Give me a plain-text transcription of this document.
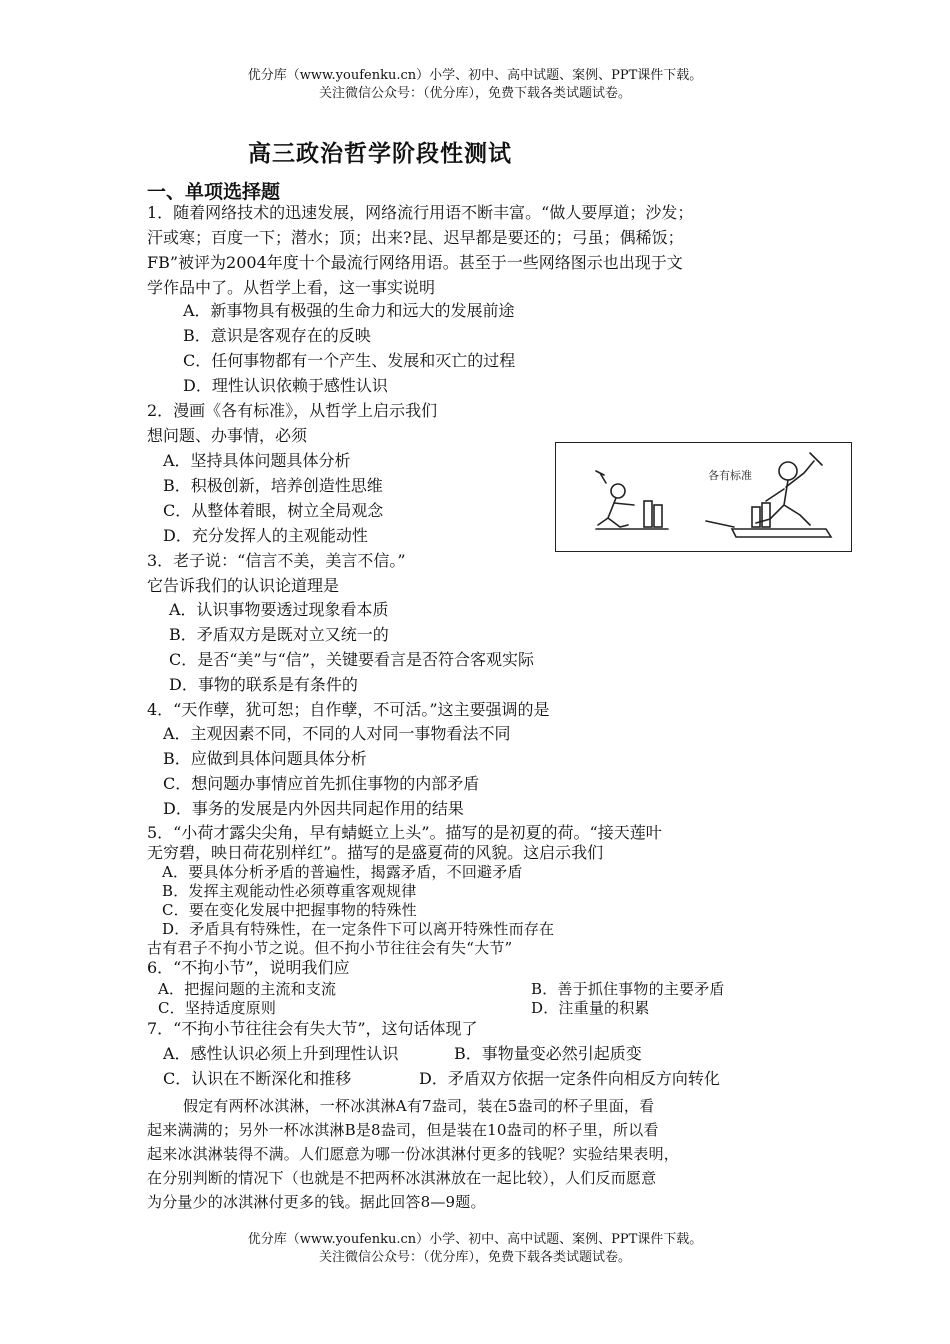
优分库（www.youfenku.cn）小学、初中、高中试题、案例、PPT课件下载。
关注微信公众号：（优分库），免费下载各类试题试卷。
高三政治哲学阶段性测试
一、单项选择题
1．随着网络技术的迅速发展，网络流行用语不断丰富。“做人要厚道；沙发；
汗或寒；百度一下；潜水；顶；出来?昆、迟早都是要还的；弓虽；偶稀饭；
FB”被评为2004年度十个最流行网络用语。甚至于一些网络图示也出现于文
学作品中了。从哲学上看，这一事实说明
A．新事物具有极强的生命力和远大的发展前途
B．意识是客观存在的反映
C．任何事物都有一个产生、发展和灭亡的过程
D．理性认识依赖于感性认识
2．漫画《各有标准》，从哲学上启示我们
想问题、办事情，必须
A．坚持具体问题具体分析
B．积极创新，培养创造性思维
C．从整体着眼，树立全局观念
D．充分发挥人的主观能动性
各有标准
3．老子说：“信言不美，美言不信。”
它告诉我们的认识论道理是
A．认识事物要透过现象看本质
B．矛盾双方是既对立又统一的
C．是否“美”与“信”，关键要看言是否符合客观实际
D．事物的联系是有条件的
4．“天作孽，犹可恕；自作孽，不可活。”这主要强调的是
A．主观因素不同，不同的人对同一事物看法不同
B．应做到具体问题具体分析
C．想问题办事情应首先抓住事物的内部矛盾
D．事务的发展是内外因共同起作用的结果
5．“小荷才露尖尖角，早有蜻蜓立上头”。描写的是初夏的荷。“接天莲叶
无穷碧，映日荷花别样红”。描写的是盛夏荷的风貌。这启示我们
A．要具体分析矛盾的普遍性，揭露矛盾，不回避矛盾
B．发挥主观能动性必须尊重客观规律
C．要在变化发展中把握事物的特殊性
D．矛盾具有特殊性，在一定条件下可以离开特殊性而存在
古有君子不拘小节之说。但不拘小节往往会有失“大节”
6．“不拘小节”，说明我们应
A．把握问题的主流和支流	B．善于抓住事物的主要矛盾
C．坚持适度原则	D．注重量的积累
7．“不拘小节往往会有失大节”，这句话体现了
A．感性认识必须上升到理性认识	B．事物量变必然引起质变
C．认识在不断深化和推移	D．矛盾双方依据一定条件向相反方向转化
假定有两杯冰淇淋，一杯冰淇淋A有7盎司，装在5盎司的杯子里面，看
起来满满的；另外一杯冰淇淋B是8盎司，但是装在10盎司的杯子里，所以看
起来冰淇淋装得不满。人们愿意为哪一份冰淇淋付更多的钱呢？实验结果表明，
在分别判断的情况下（也就是不把两杯冰淇淋放在一起比较），人们反而愿意
为分量少的冰淇淋付更多的钱。据此回答8—9题。
优分库（www.youfenku.cn）小学、初中、高中试题、案例、PPT课件下载。
关注微信公众号：（优分库），免费下载各类试题试卷。
